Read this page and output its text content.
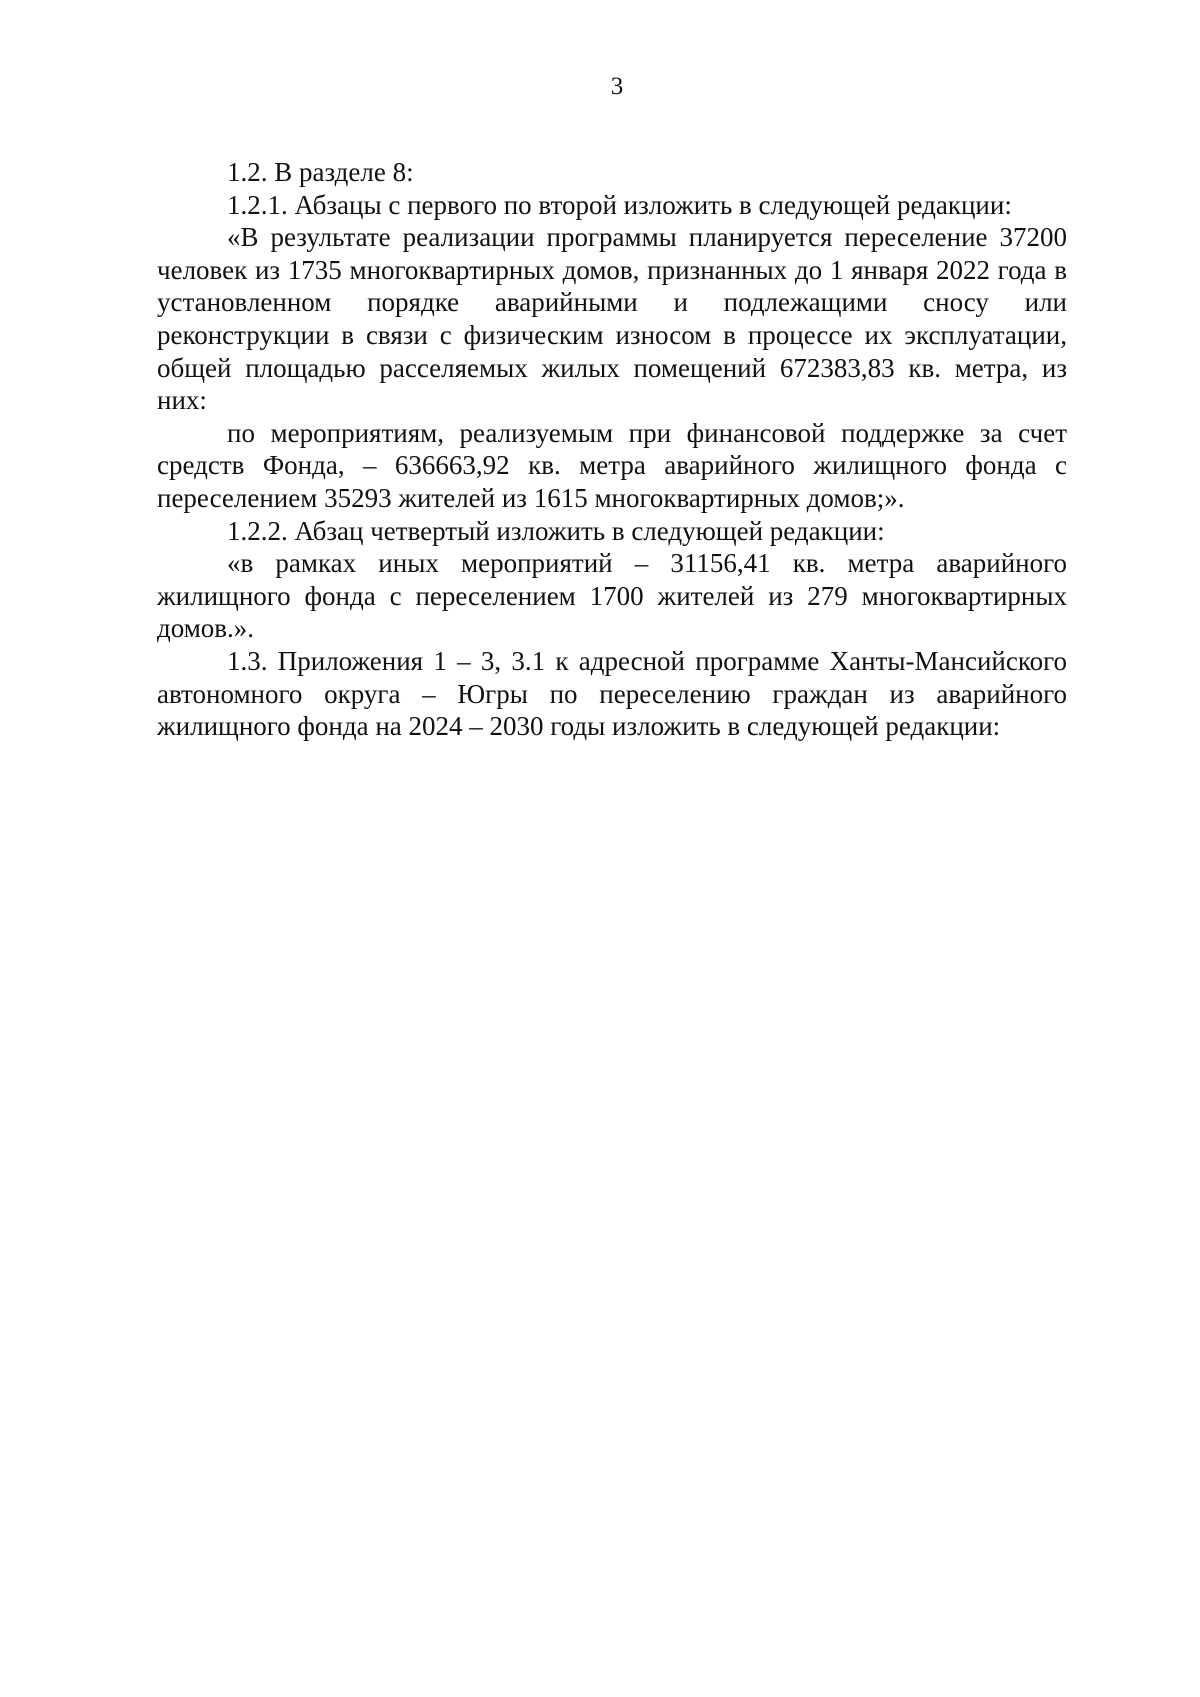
3

1.2. В разделе 8:

1.2.1. Абзацы с первого по второй изложить в следующей редакции:

«В результате реализации программы планируется переселение 37200 человек из 1735 многоквартирных домов, признанных до 1 января 2022 года в установленном порядке аварийными и подлежащими сносу или реконструкции в связи с физическим износом в процессе их эксплуатации, общей площадью расселяемых жилых помещений 672383,83 кв. метра, из них:

по мероприятиям, реализуемым при финансовой поддержке за счет средств Фонда, – 636663,92 кв. метра аварийного жилищного фонда с переселением 35293 жителей из 1615 многоквартирных домов;».

1.2.2. Абзац четвертый изложить в следующей редакции:

«в рамках иных мероприятий – 31156,41 кв. метра аварийного жилищного фонда с переселением 1700 жителей из 279 многоквартирных домов.».

1.3. Приложения 1 – 3, 3.1 к адресной программе Ханты-Мансийского автономного округа – Югры по переселению граждан из аварийного жилищного фонда на 2024 – 2030 годы изложить в следующей редакции:
